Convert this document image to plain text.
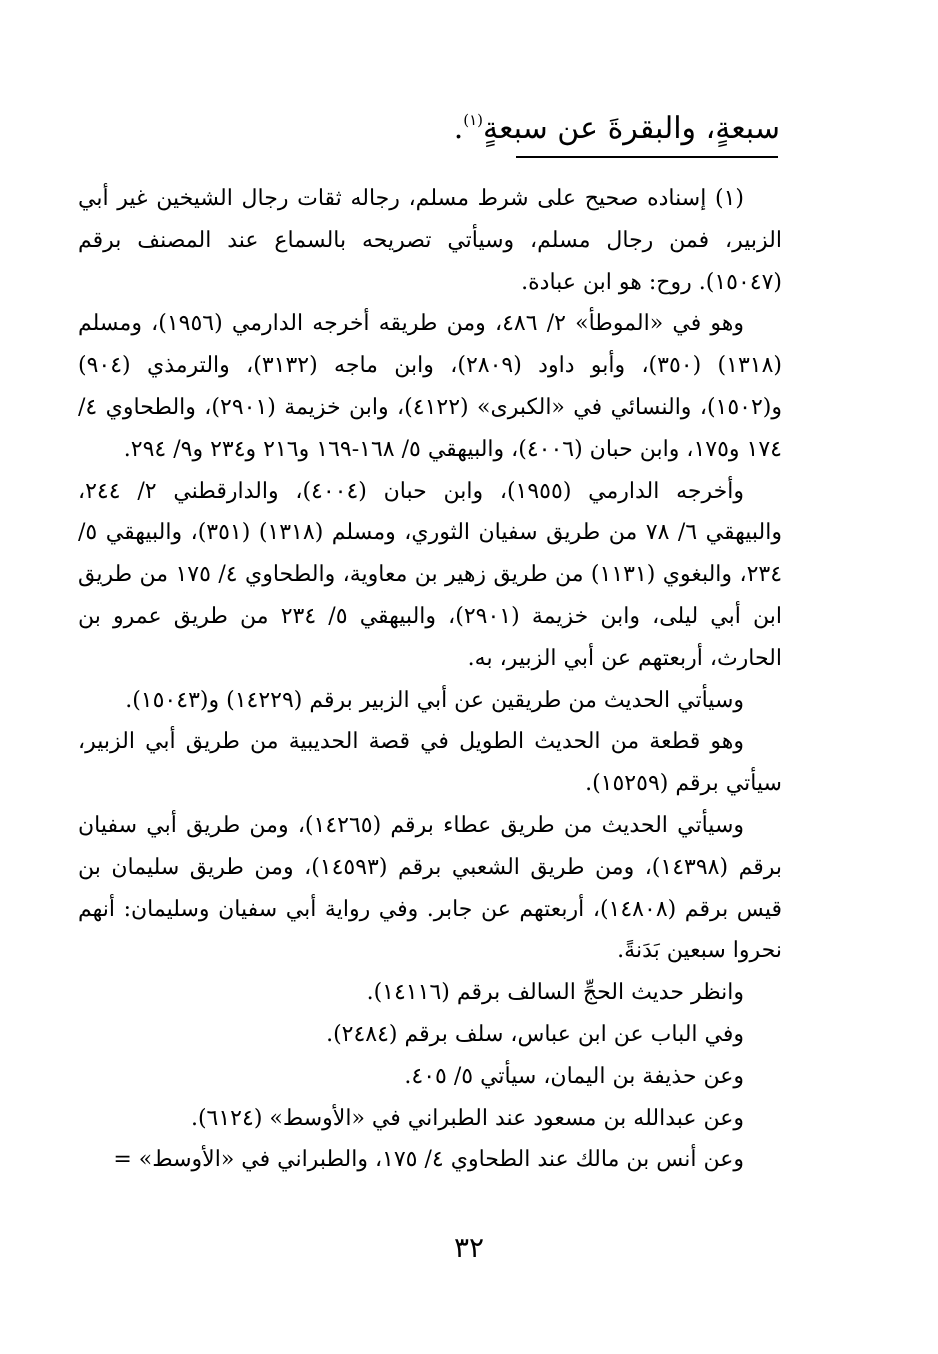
سبعةٍ، والبقرةَ عن سبعةٍ$^{(١)}$.

(١) إسناده صحيح على شرط مسلم، رجاله ثقات رجال الشيخين غير أبي الزبير، فمن رجال مسلم، وسيأتي تصريحه بالسماع عند المصنف برقم (١٥٠٤٧). روح: هو ابن عبادة.

وهو في «الموطأ» ٢/ ٤٨٦، ومن طريقه أخرجه الدارمي (١٩٥٦)، ومسلم (١٣١٨) (٣٥٠)، وأبو داود (٢٨٠٩)، وابن ماجه (٣١٣٢)، والترمذي (٩٠٤) و(١٥٠٢)، والنسائي في «الكبرى» (٤١٢٢)، وابن خزيمة (٢٩٠١)، والطحاوي ٤/ ١٧٤ و١٧٥، وابن حبان (٤٠٠٦)، والبيهقي ٥/ ١٦٨-١٦٩ و٢١٦ و٢٣٤ و٩/ ٢٩٤.

وأخرجه الدارمي (١٩٥٥)، وابن حبان (٤٠٠٤)، والدارقطني ٢/ ٢٤٤، والبيهقي ٦/ ٧٨ من طريق سفيان الثوري، ومسلم (١٣١٨) (٣٥١)، والبيهقي ٥/ ٢٣٤، والبغوي (١١٣١) من طريق زهير بن معاوية، والطحاوي ٤/ ١٧٥ من طريق ابن أبي ليلى، وابن خزيمة (٢٩٠١)، والبيهقي ٥/ ٢٣٤ من طريق عمرو بن الحارث، أربعتهم عن أبي الزبير، به.

وسيأتي الحديث من طريقين عن أبي الزبير برقم (١٤٢٢٩) و(١٥٠٤٣).

وهو قطعة من الحديث الطويل في قصة الحديبية من طريق أبي الزبير، سيأتي برقم (١٥٢٥٩).

وسيأتي الحديث من طريق عطاء برقم (١٤٢٦٥)، ومن طريق أبي سفيان برقم (١٤٣٩٨)، ومن طريق الشعبي برقم (١٤٥٩٣)، ومن طريق سليمان بن قيس برقم (١٤٨٠٨)، أربعتهم عن جابر. وفي رواية أبي سفيان وسليمان: أنهم نحروا سبعين بَدَنةً.

وانظر حديث الحجِّ السالف برقم (١٤١١٦).

وفي الباب عن ابن عباس، سلف برقم (٢٤٨٤).

وعن حذيفة بن اليمان، سيأتي ٥/ ٤٠٥.

وعن عبدالله بن مسعود عند الطبراني في «الأوسط» (٦١٢٤).

وعن أنس بن مالك عند الطحاوي ٤/ ١٧٥، والطبراني في «الأوسط» =

٣٢
